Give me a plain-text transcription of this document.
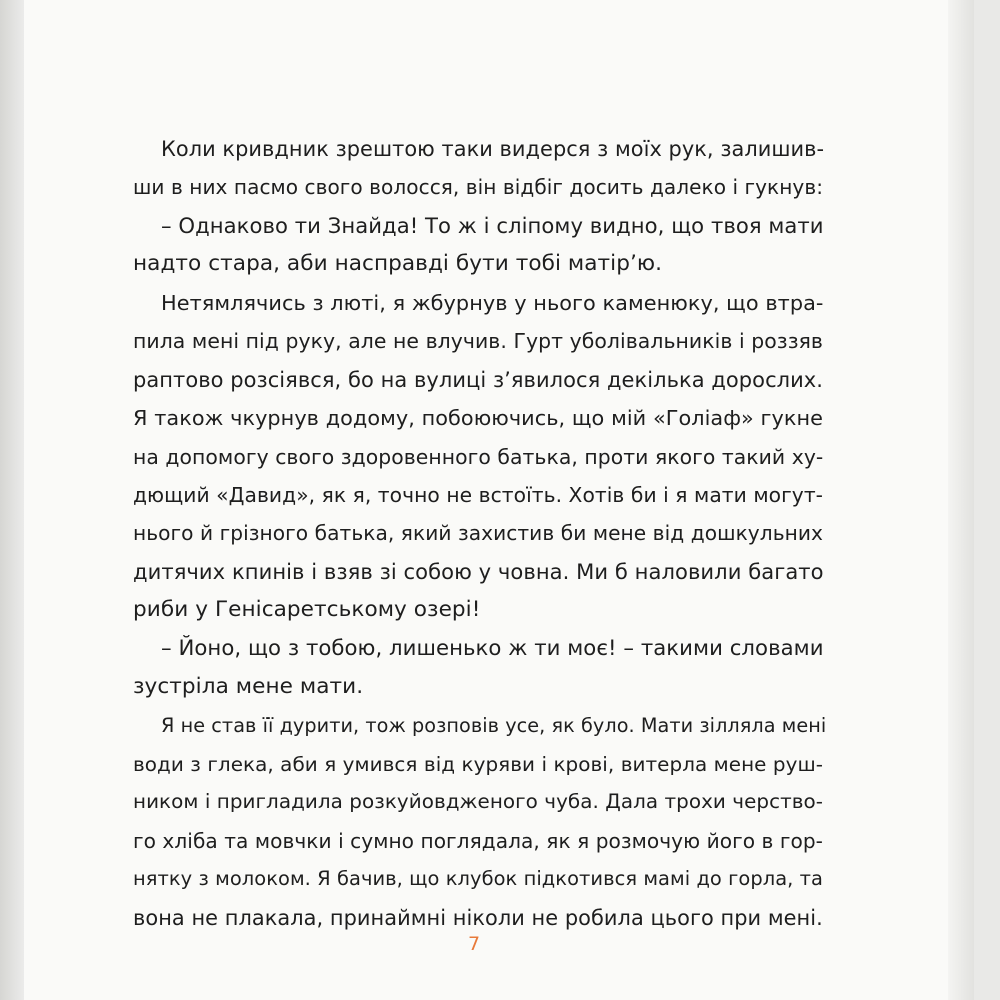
Коли кривдник зрештою таки видерся з моїх рук, залишив-
ши в них пасмо свого волосся, він відбіг досить далеко і гукнув:
– Однаково ти Знайда! То ж і сліпому видно, що твоя мати
надто стара, аби насправді бути тобі матір’ю.
Нетямлячись з люті, я жбурнув у нього каменюку, що втра-
пила мені під руку, але не влучив. Гурт уболівальників і роззяв
раптово розсіявся, бо на вулиці з’явилося декілька дорослих.
Я також чкурнув додому, побоюючись, що мій «Голіаф» гукне
на допомогу свого здоровенного батька, проти якого такий ху-
дющий «Давид», як я, точно не встоїть. Хотів би і я мати могут-
нього й грізного батька, який захистив би мене від дошкульних
дитячих кпинів і взяв зі собою у човна. Ми б наловили багато
риби у Генісаретському озері!
– Йоно, що з тобою, лишенько ж ти моє! – такими словами
зустріла мене мати.
Я не став її дурити, тож розповів усе, як було. Мати зілляла мені
води з глека, аби я умився від куряви і крові, витерла мене руш-
ником і пригладила розкуйовдженого чуба. Дала трохи черство-
го хліба та мовчки і сумно поглядала, як я розмочую його в гор-
нятку з молоком. Я бачив, що клубок підкотився мамі до горла, та
вона не плакала, принаймні ніколи не робила цього при мені.
7
